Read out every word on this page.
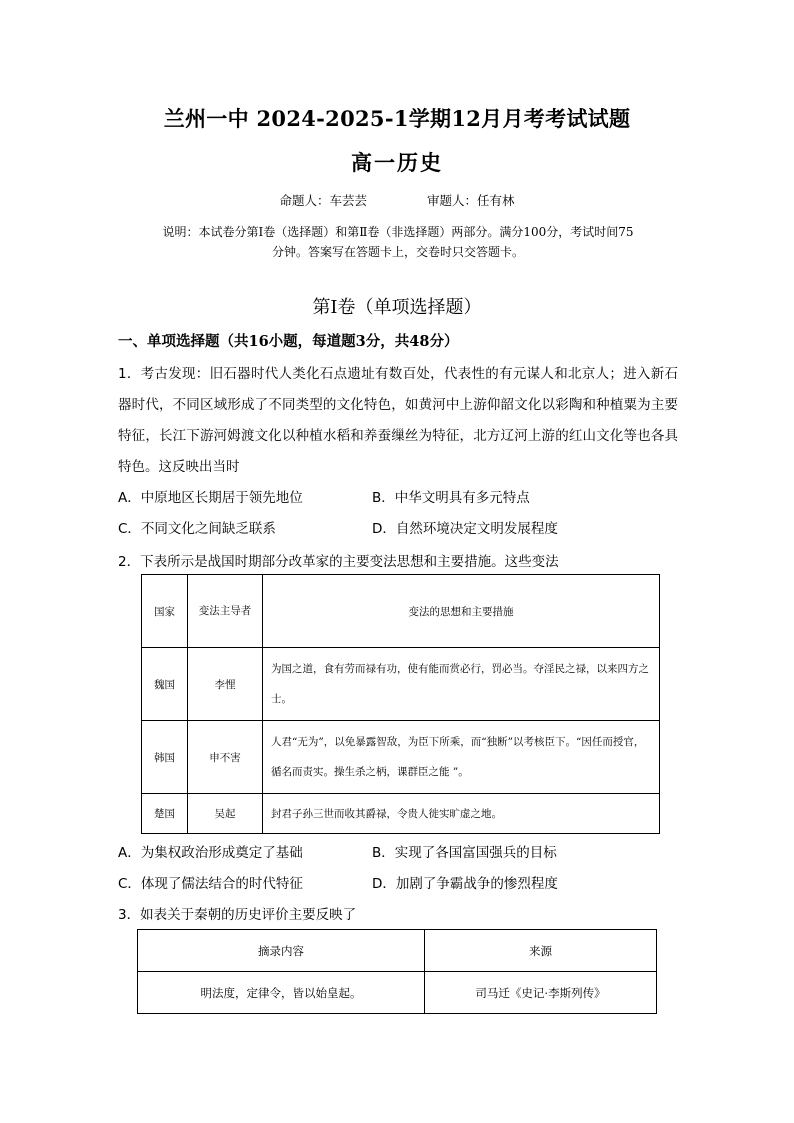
兰州一中 2024-2025-1学期12月月考考试试题
高一历史
命题人：车芸芸	审题人：任有林
说明：本试卷分第Ⅰ卷（选择题）和第Ⅱ卷（非选择题）两部分。满分100分，考试时间75
分钟。答案写在答题卡上，交卷时只交答题卡。
第Ⅰ卷（单项选择题）
一、单项选择题（共16小题，每道题3分，共48分）
1．考古发现：旧石器时代人类化石点遗址有数百处，代表性的有元谋人和北京人；进入新石器时代，不同区域形成了不同类型的文化特色，如黄河中上游仰韶文化以彩陶和种植粟为主要特征，长江下游河姆渡文化以种植水稻和养蚕缫丝为特征，北方辽河上游的红山文化等也各具特色。这反映出当时
A．中原地区长期居于领先地位	B．中华文明具有多元特点
C．不同文化之间缺乏联系	D．自然环境决定文明发展程度
2．下表所示是战国时期部分改革家的主要变法思想和主要措施。这些变法
国家	变法主导者	变法的思想和主要措施
魏国	李悝	为国之道，食有劳而禄有功，使有能而赏必行，罚必当。夺淫民之禄，以来四方之士。
韩国	申不害	人君“无为”，以免暴露智敌，为臣下所乘，而“独断”以考核臣下。“因任而授官，循名而责实。操生杀之柄，课群臣之能 ”。
楚国	吴起	封君子孙三世而收其爵禄，令贵人徙实旷虚之地。
A．为集权政治形成奠定了基础	B．实现了各国富国强兵的目标
C．体现了儒法结合的时代特征	D．加剧了争霸战争的惨烈程度
3．如表关于秦朝的历史评价主要反映了
摘录内容	来源
明法度，定律令，皆以始皇起。	司马迁《史记·李斯列传》
